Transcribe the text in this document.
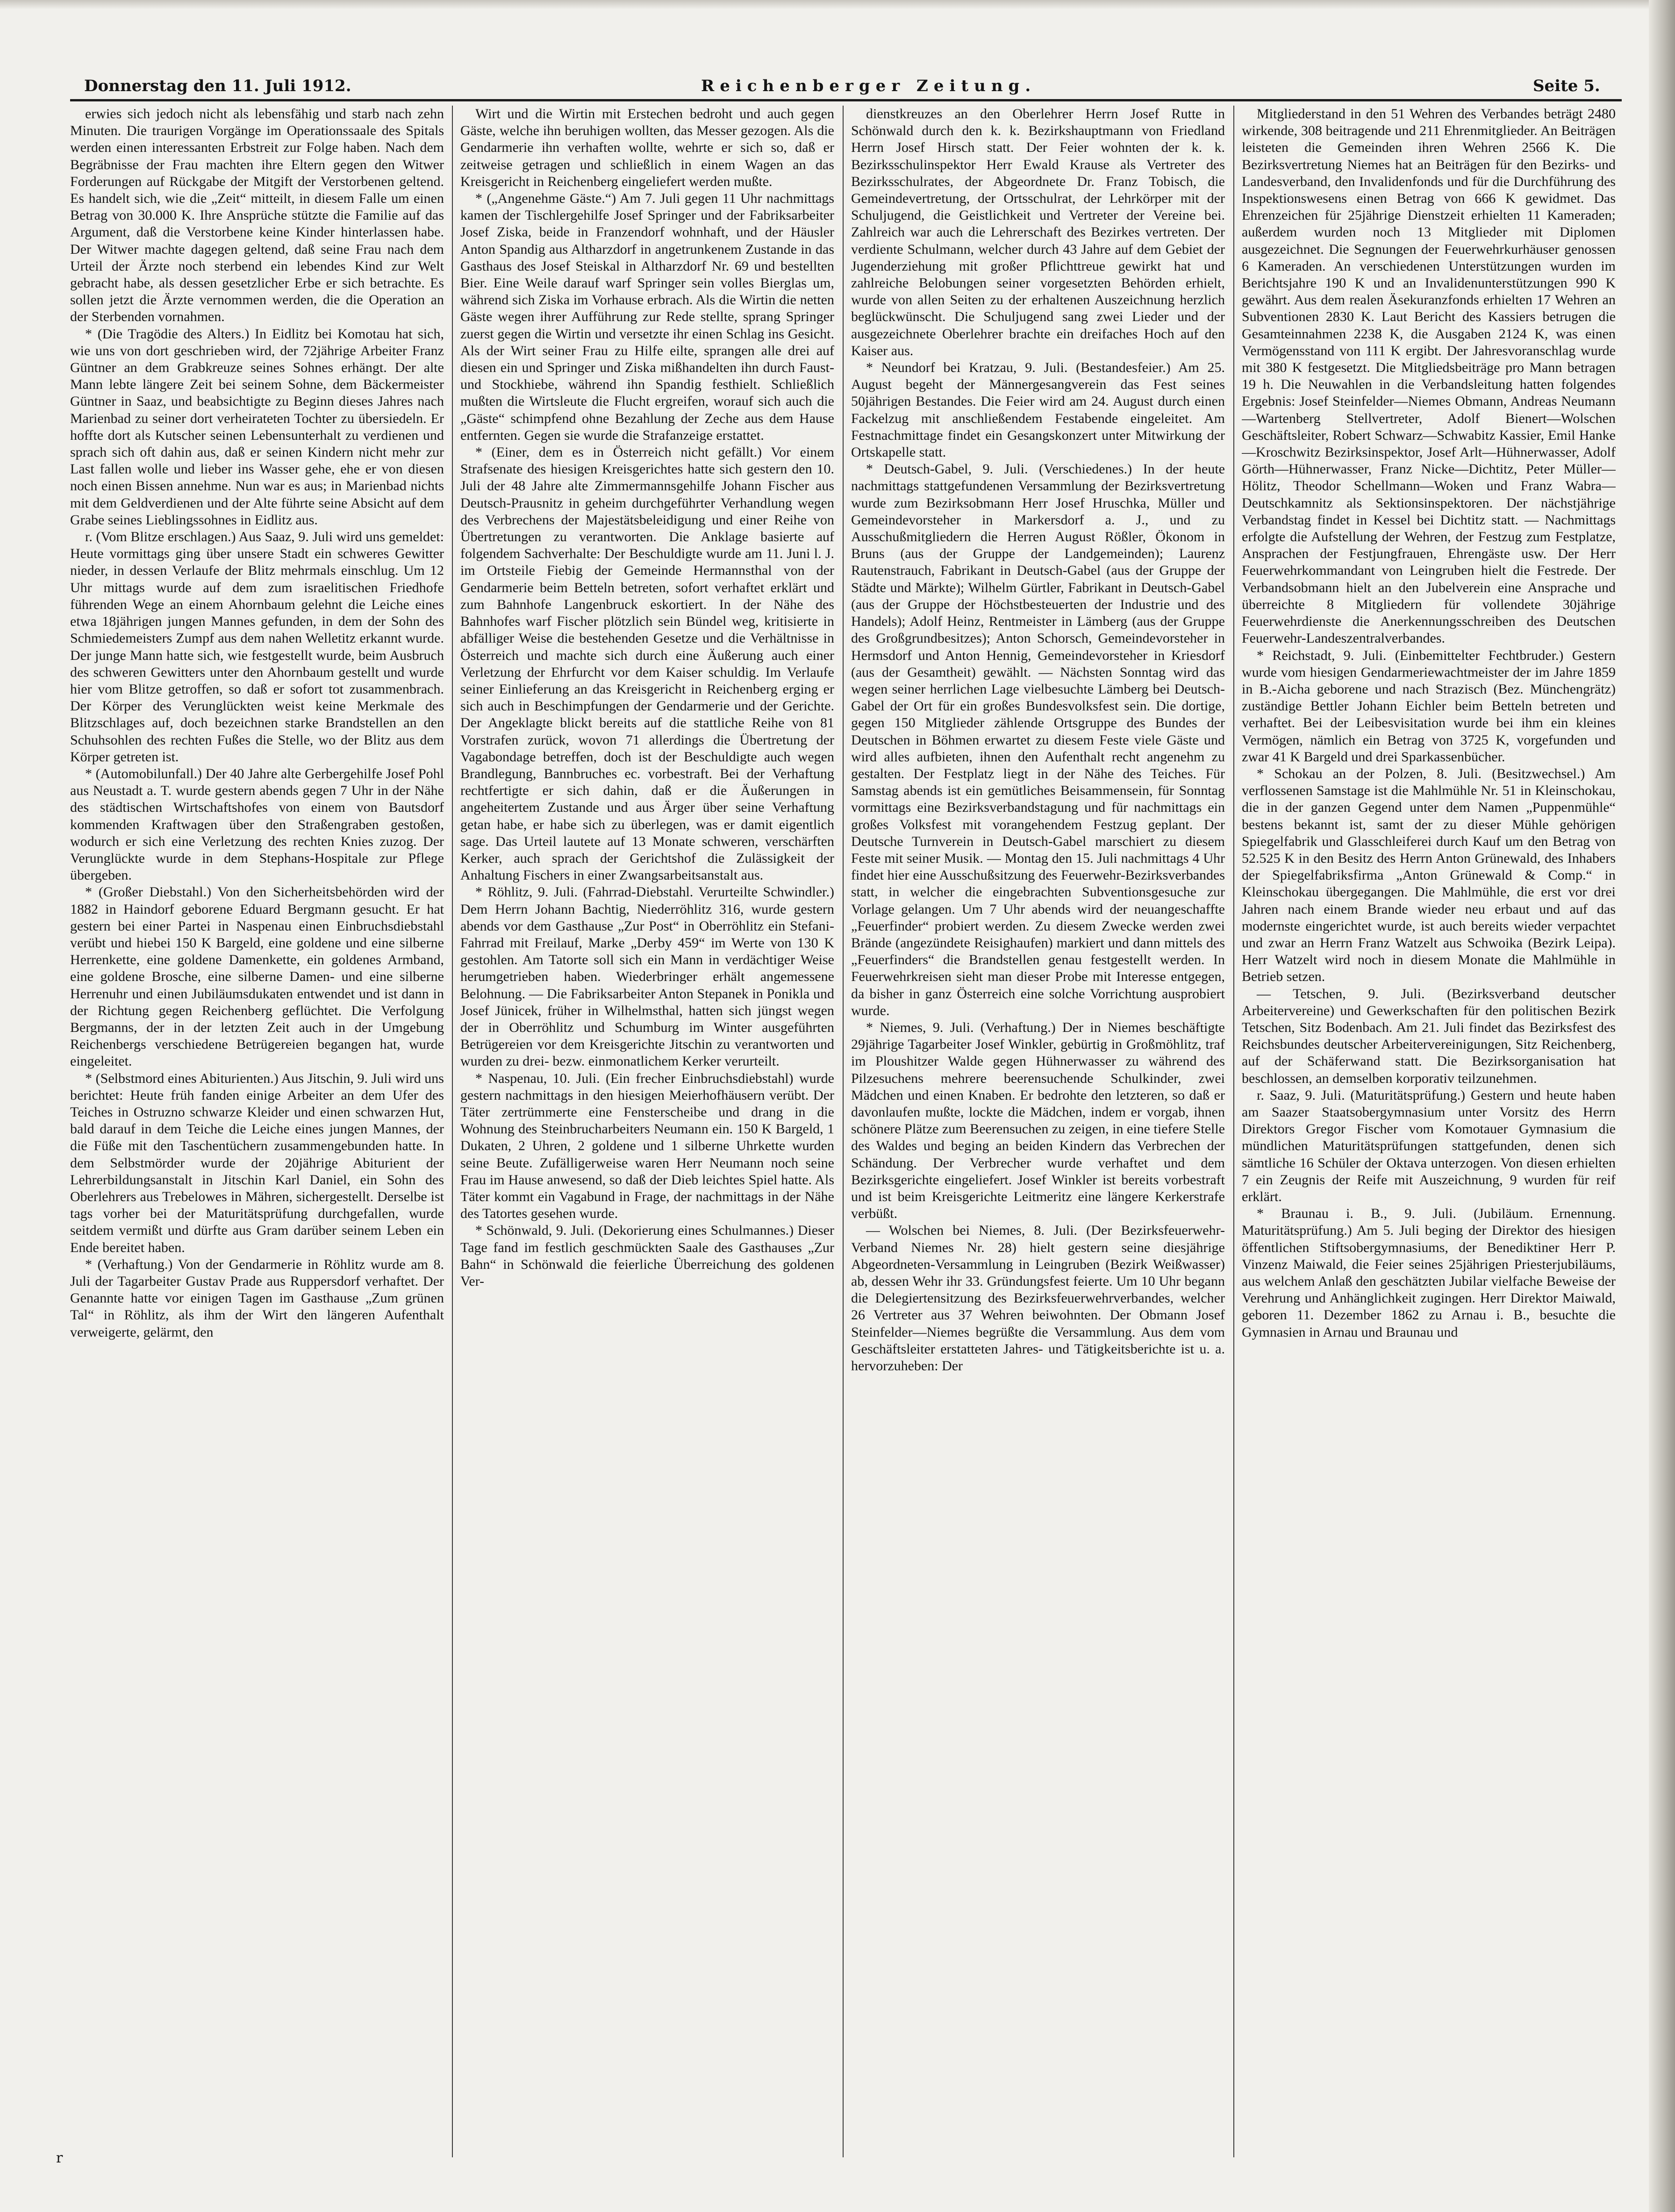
Donnerstag den 11. Juli 1912.	Reichenberger Zeitung.	Seite 5.

erwies sich jedoch nicht als lebensfähig und starb nach zehn Minuten. Die traurigen Vorgänge im Operationssaale des Spitals werden einen interessanten Erbstreit zur Folge haben. Nach dem Begräbnisse der Frau machten ihre Eltern gegen den Witwer Forderungen auf Rückgabe der Mitgift der Verstorbenen geltend. Es handelt sich, wie die „Zeit“ mitteilt, in diesem Falle um einen Betrag von 30.000 K. Ihre Ansprüche stützte die Familie auf das Argument, daß die Verstorbene keine Kinder hinterlassen habe. Der Witwer machte dagegen geltend, daß seine Frau nach dem Urteil der Ärzte noch sterbend ein lebendes Kind zur Welt gebracht habe, als dessen gesetzlicher Erbe er sich betrachte. Es sollen jetzt die Ärzte vernommen werden, die die Operation an der Sterbenden vornahmen.

* (Die Tragödie des Alters.) In Eidlitz bei Komotau hat sich, wie uns von dort geschrieben wird, der 72jährige Arbeiter Franz Güntner an dem Grabkreuze seines Sohnes erhängt. Der alte Mann lebte längere Zeit bei seinem Sohne, dem Bäckermeister Güntner in Saaz, und beabsichtigte zu Beginn dieses Jahres nach Marienbad zu seiner dort verheirateten Tochter zu übersiedeln. Er hoffte dort als Kutscher seinen Lebensunterhalt zu verdienen und sprach sich oft dahin aus, daß er seinen Kindern nicht mehr zur Last fallen wolle und lieber ins Wasser gehe, ehe er von diesen noch einen Bissen annehme. Nun war es aus; in Marienbad nichts mit dem Geldverdienen und der Alte führte seine Absicht auf dem Grabe seines Lieblingssohnes in Eidlitz aus.

r. (Vom Blitze erschlagen.) Aus Saaz, 9. Juli wird uns gemeldet: Heute vormittags ging über unsere Stadt ein schweres Gewitter nieder, in dessen Verlaufe der Blitz mehrmals einschlug. Um 12 Uhr mittags wurde auf dem zum israelitischen Friedhofe führenden Wege an einem Ahornbaum gelehnt die Leiche eines etwa 18jährigen jungen Mannes gefunden, in dem der Sohn des Schmiedemeisters Zumpf aus dem nahen Welletitz erkannt wurde. Der junge Mann hatte sich, wie festgestellt wurde, beim Ausbruch des schweren Gewitters unter den Ahornbaum gestellt und wurde hier vom Blitze getroffen, so daß er sofort tot zusammenbrach. Der Körper des Verunglückten weist keine Merkmale des Blitzschlages auf, doch bezeichnen starke Brandstellen an den Schuhsohlen des rechten Fußes die Stelle, wo der Blitz aus dem Körper getreten ist.

* (Automobilunfall.) Der 40 Jahre alte Gerbergehilfe Josef Pohl aus Neustadt a. T. wurde gestern abends gegen 7 Uhr in der Nähe des städtischen Wirtschaftshofes von einem von Bautsdorf kommenden Kraftwagen über den Straßengraben gestoßen, wodurch er sich eine Verletzung des rechten Knies zuzog. Der Verunglückte wurde in dem Stephans-Hospitale zur Pflege übergeben.

* (Großer Diebstahl.) Von den Sicherheitsbehörden wird der 1882 in Haindorf geborene Eduard Bergmann gesucht. Er hat gestern bei einer Partei in Naspenau einen Einbruchsdiebstahl verübt und hiebei 150 K Bargeld, eine goldene und eine silberne Herrenkette, eine goldene Damenkette, ein goldenes Armband, eine goldene Brosche, eine silberne Damen- und eine silberne Herrenuhr und einen Jubiläumsdukaten entwendet und ist dann in der Richtung gegen Reichenberg geflüchtet. Die Verfolgung Bergmanns, der in der letzten Zeit auch in der Umgebung Reichenbergs verschiedene Betrügereien begangen hat, wurde eingeleitet.

* (Selbstmord eines Abiturienten.) Aus Jitschin, 9. Juli wird uns berichtet: Heute früh fanden einige Arbeiter an dem Ufer des Teiches in Ostruzno schwarze Kleider und einen schwarzen Hut, bald darauf in dem Teiche die Leiche eines jungen Mannes, der die Füße mit den Taschentüchern zusammengebunden hatte. In dem Selbstmörder wurde der 20jährige Abiturient der Lehrerbildungsanstalt in Jitschin Karl Daniel, ein Sohn des Oberlehrers aus Trebelowes in Mähren, sichergestellt. Derselbe ist tags vorher bei der Maturitätsprüfung durchgefallen, wurde seitdem vermißt und dürfte aus Gram darüber seinem Leben ein Ende bereitet haben.

* (Verhaftung.) Von der Gendarmerie in Röhlitz wurde am 8. Juli der Tagarbeiter Gustav Prade aus Ruppersdorf verhaftet. Der Genannte hatte vor einigen Tagen im Gasthause „Zum grünen Tal“ in Röhlitz, als ihm der Wirt den längeren Aufenthalt verweigerte, gelärmt, den

Wirt und die Wirtin mit Erstechen bedroht und auch gegen Gäste, welche ihn beruhigen wollten, das Messer gezogen. Als die Gendarmerie ihn verhaften wollte, wehrte er sich so, daß er zeitweise getragen und schließlich in einem Wagen an das Kreisgericht in Reichenberg eingeliefert werden mußte.

* („Angenehme Gäste.“) Am 7. Juli gegen 11 Uhr nachmittags kamen der Tischlergehilfe Josef Springer und der Fabriksarbeiter Josef Ziska, beide in Franzendorf wohnhaft, und der Häusler Anton Spandig aus Altharzdorf in angetrunkenem Zustande in das Gasthaus des Josef Steiskal in Altharzdorf Nr. 69 und bestellten Bier. Eine Weile darauf warf Springer sein volles Bierglas um, während sich Ziska im Vorhause erbrach. Als die Wirtin die netten Gäste wegen ihrer Aufführung zur Rede stellte, sprang Springer zuerst gegen die Wirtin und versetzte ihr einen Schlag ins Gesicht. Als der Wirt seiner Frau zu Hilfe eilte, sprangen alle drei auf diesen ein und Springer und Ziska mißhandelten ihn durch Faust- und Stockhiebe, während ihn Spandig festhielt. Schließlich mußten die Wirtsleute die Flucht ergreifen, worauf sich auch die „Gäste“ schimpfend ohne Bezahlung der Zeche aus dem Hause entfernten. Gegen sie wurde die Strafanzeige erstattet.

* (Einer, dem es in Österreich nicht gefällt.) Vor einem Strafsenate des hiesigen Kreisgerichtes hatte sich gestern den 10. Juli der 48 Jahre alte Zimmermannsgehilfe Johann Fischer aus Deutsch-Prausnitz in geheim durchgeführter Verhandlung wegen des Verbrechens der Majestätsbeleidigung und einer Reihe von Übertretungen zu verantworten. Die Anklage basierte auf folgendem Sachverhalte: Der Beschuldigte wurde am 11. Juni l. J. im Ortsteile Fiebig der Gemeinde Hermannsthal von der Gendarmerie beim Betteln betreten, sofort verhaftet erklärt und zum Bahnhofe Langenbruck eskortiert. In der Nähe des Bahnhofes warf Fischer plötzlich sein Bündel weg, kritisierte in abfälliger Weise die bestehenden Gesetze und die Verhältnisse in Österreich und machte sich durch eine Äußerung auch einer Verletzung der Ehrfurcht vor dem Kaiser schuldig. Im Verlaufe seiner Einlieferung an das Kreisgericht in Reichenberg erging er sich auch in Beschimpfungen der Gendarmerie und der Gerichte. Der Angeklagte blickt bereits auf die stattliche Reihe von 81 Vorstrafen zurück, wovon 71 allerdings die Übertretung der Vagabondage betreffen, doch ist der Beschuldigte auch wegen Brandlegung, Bannbruches ec. vorbestraft. Bei der Verhaftung rechtfertigte er sich dahin, daß er die Äußerungen in angeheitertem Zustande und aus Ärger über seine Verhaftung getan habe, er habe sich zu überlegen, was er damit eigentlich sage. Das Urteil lautete auf 13 Monate schweren, verschärften Kerker, auch sprach der Gerichtshof die Zulässigkeit der Anhaltung Fischers in einer Zwangsarbeitsanstalt aus.

* Röhlitz, 9. Juli. (Fahrrad-Diebstahl. Verurteilte Schwindler.) Dem Herrn Johann Bachtig, Niederröhlitz 316, wurde gestern abends vor dem Gasthause „Zur Post“ in Oberröhlitz ein Stefani-Fahrrad mit Freilauf, Marke „Derby 459“ im Werte von 130 K gestohlen. Am Tatorte soll sich ein Mann in verdächtiger Weise herumgetrieben haben. Wiederbringer erhält angemessene Belohnung. — Die Fabriksarbeiter Anton Stepanek in Ponikla und Josef Jünicek, früher in Wilhelmsthal, hatten sich jüngst wegen der in Oberröhlitz und Schumburg im Winter ausgeführten Betrügereien vor dem Kreisgerichte Jitschin zu verantworten und wurden zu drei- bezw. einmonatlichem Kerker verurteilt.

* Naspenau, 10. Juli. (Ein frecher Einbruchsdiebstahl) wurde gestern nachmittags in den hiesigen Meierhofhäusern verübt. Der Täter zertrümmerte eine Fensterscheibe und drang in die Wohnung des Steinbrucharbeiters Neumann ein. 150 K Bargeld, 1 Dukaten, 2 Uhren, 2 goldene und 1 silberne Uhrkette wurden seine Beute. Zufälligerweise waren Herr Neumann noch seine Frau im Hause anwesend, so daß der Dieb leichtes Spiel hatte. Als Täter kommt ein Vagabund in Frage, der nachmittags in der Nähe des Tatortes gesehen wurde.

* Schönwald, 9. Juli. (Dekorierung eines Schulmannes.) Dieser Tage fand im festlich geschmückten Saale des Gasthauses „Zur Bahn“ in Schönwald die feierliche Überreichung des goldenen Ver-

dienstkreuzes an den Oberlehrer Herrn Josef Rutte in Schönwald durch den k. k. Bezirkshauptmann von Friedland Herrn Josef Hirsch statt. Der Feier wohnten der k. k. Bezirksschulinspektor Herr Ewald Krause als Vertreter des Bezirksschulrates, der Abgeordnete Dr. Franz Tobisch, die Gemeindevertretung, der Ortsschulrat, der Lehrkörper mit der Schuljugend, die Geistlichkeit und Vertreter der Vereine bei. Zahlreich war auch die Lehrerschaft des Bezirkes vertreten. Der verdiente Schulmann, welcher durch 43 Jahre auf dem Gebiet der Jugenderziehung mit großer Pflichttreue gewirkt hat und zahlreiche Belobungen seiner vorgesetzten Behörden erhielt, wurde von allen Seiten zu der erhaltenen Auszeichnung herzlich beglückwünscht. Die Schuljugend sang zwei Lieder und der ausgezeichnete Oberlehrer brachte ein dreifaches Hoch auf den Kaiser aus.

* Neundorf bei Kratzau, 9. Juli. (Bestandesfeier.) Am 25. August begeht der Männergesangverein das Fest seines 50jährigen Bestandes. Die Feier wird am 24. August durch einen Fackelzug mit anschließendem Festabende eingeleitet. Am Festnachmittage findet ein Gesangskonzert unter Mitwirkung der Ortskapelle statt.

* Deutsch-Gabel, 9. Juli. (Verschiedenes.) In der heute nachmittags stattgefundenen Versammlung der Bezirksvertretung wurde zum Bezirksobmann Herr Josef Hruschka, Müller und Gemeindevorsteher in Markersdorf a. J., und zu Ausschußmitgliedern die Herren August Rößler, Ökonom in Bruns (aus der Gruppe der Landgemeinden); Laurenz Rautenstrauch, Fabrikant in Deutsch-Gabel (aus der Gruppe der Städte und Märkte); Wilhelm Gürtler, Fabrikant in Deutsch-Gabel (aus der Gruppe der Höchstbesteuerten der Industrie und des Handels); Adolf Heinz, Rentmeister in Lämberg (aus der Gruppe des Großgrundbesitzes); Anton Schorsch, Gemeindevorsteher in Hermsdorf und Anton Hennig, Gemeindevorsteher in Kriesdorf (aus der Gesamtheit) gewählt. — Nächsten Sonntag wird das wegen seiner herrlichen Lage vielbesuchte Lämberg bei Deutsch-Gabel der Ort für ein großes Bundesvolksfest sein. Die dortige, gegen 150 Mitglieder zählende Ortsgruppe des Bundes der Deutschen in Böhmen erwartet zu diesem Feste viele Gäste und wird alles aufbieten, ihnen den Aufenthalt recht angenehm zu gestalten. Der Festplatz liegt in der Nähe des Teiches. Für Samstag abends ist ein gemütliches Beisammensein, für Sonntag vormittags eine Bezirksverbandstagung und für nachmittags ein großes Volksfest mit vorangehendem Festzug geplant. Der Deutsche Turnverein in Deutsch-Gabel marschiert zu diesem Feste mit seiner Musik. — Montag den 15. Juli nachmittags 4 Uhr findet hier eine Ausschußsitzung des Feuerwehr-Bezirksverbandes statt, in welcher die eingebrachten Subventionsgesuche zur Vorlage gelangen. Um 7 Uhr abends wird der neuangeschaffte „Feuerfinder“ probiert werden. Zu diesem Zwecke werden zwei Brände (angezündete Reisighaufen) markiert und dann mittels des „Feuerfinders“ die Brandstellen genau festgestellt werden. In Feuerwehrkreisen sieht man dieser Probe mit Interesse entgegen, da bisher in ganz Österreich eine solche Vorrichtung ausprobiert wurde.

* Niemes, 9. Juli. (Verhaftung.) Der in Niemes beschäftigte 29jährige Tagarbeiter Josef Winkler, gebürtig in Großmöhlitz, traf im Ploushitzer Walde gegen Hühnerwasser zu während des Pilzesuchens mehrere beerensuchende Schulkinder, zwei Mädchen und einen Knaben. Er bedrohte den letzteren, so daß er davonlaufen mußte, lockte die Mädchen, indem er vorgab, ihnen schönere Plätze zum Beerensuchen zu zeigen, in eine tiefere Stelle des Waldes und beging an beiden Kindern das Verbrechen der Schändung. Der Verbrecher wurde verhaftet und dem Bezirksgerichte eingeliefert. Josef Winkler ist bereits vorbestraft und ist beim Kreisgerichte Leitmeritz eine längere Kerkerstrafe verbüßt.

— Wolschen bei Niemes, 8. Juli. (Der Bezirksfeuerwehr-Verband Niemes Nr. 28) hielt gestern seine diesjährige Abgeordneten-Versammlung in Leingruben (Bezirk Weißwasser) ab, dessen Wehr ihr 33. Gründungsfest feierte. Um 10 Uhr begann die Delegiertensitzung des Bezirksfeuerwehrverbandes, welcher 26 Vertreter aus 37 Wehren beiwohnten. Der Obmann Josef Steinfelder—Niemes begrüßte die Versammlung. Aus dem vom Geschäftsleiter erstatteten Jahres- und Tätigkeitsberichte ist u. a. hervorzuheben: Der

Mitgliederstand in den 51 Wehren des Verbandes beträgt 2480 wirkende, 308 beitragende und 211 Ehrenmitglieder. An Beiträgen leisteten die Gemeinden ihren Wehren 2566 K. Die Bezirksvertretung Niemes hat an Beiträgen für den Bezirks- und Landesverband, den Invalidenfonds und für die Durchführung des Inspektionswesens einen Betrag von 666 K gewidmet. Das Ehrenzeichen für 25jährige Dienstzeit erhielten 11 Kameraden; außerdem wurden noch 13 Mitglieder mit Diplomen ausgezeichnet. Die Segnungen der Feuerwehrkurhäuser genossen 6 Kameraden. An verschiedenen Unterstützungen wurden im Berichtsjahre 190 K und an Invalidenunterstützungen 990 K gewährt. Aus dem realen Äsekuranzfonds erhielten 17 Wehren an Subventionen 2830 K. Laut Bericht des Kassiers betrugen die Gesamteinnahmen 2238 K, die Ausgaben 2124 K, was einen Vermögensstand von 111 K ergibt. Der Jahresvoranschlag wurde mit 380 K festgesetzt. Die Mitgliedsbeiträge pro Mann betragen 19 h. Die Neuwahlen in die Verbandsleitung hatten folgendes Ergebnis: Josef Steinfelder—Niemes Obmann, Andreas Neumann—Wartenberg Stellvertreter, Adolf Bienert—Wolschen Geschäftsleiter, Robert Schwarz—Schwabitz Kassier, Emil Hanke—Kroschwitz Bezirksinspektor, Josef Arlt—Hühnerwasser, Adolf Görth—Hühnerwasser, Franz Nicke—Dichtitz, Peter Müller—Hölitz, Theodor Schellmann—Woken und Franz Wabra—Deutschkamnitz als Sektionsinspektoren. Der nächstjährige Verbandstag findet in Kessel bei Dichtitz statt. — Nachmittags erfolgte die Aufstellung der Wehren, der Festzug zum Festplatze, Ansprachen der Festjungfrauen, Ehrengäste usw. Der Herr Feuerwehrkommandant von Leingruben hielt die Festrede. Der Verbandsobmann hielt an den Jubelverein eine Ansprache und überreichte 8 Mitgliedern für vollendete 30jährige Feuerwehrdienste die Anerkennungsschreiben des Deutschen Feuerwehr-Landeszentralverbandes.

* Reichstadt, 9. Juli. (Einbemittelter Fechtbruder.) Gestern wurde vom hiesigen Gendarmeriewachtmeister der im Jahre 1859 in B.-Aicha geborene und nach Strazisch (Bez. Münchengrätz) zuständige Bettler Johann Eichler beim Betteln betreten und verhaftet. Bei der Leibesvisitation wurde bei ihm ein kleines Vermögen, nämlich ein Betrag von 3725 K, vorgefunden und zwar 41 K Bargeld und drei Sparkassenbücher.

* Schokau an der Polzen, 8. Juli. (Besitzwechsel.) Am verflossenen Samstage ist die Mahlmühle Nr. 51 in Kleinschokau, die in der ganzen Gegend unter dem Namen „Puppenmühle“ bestens bekannt ist, samt der zu dieser Mühle gehörigen Spiegelfabrik und Glasschleiferei durch Kauf um den Betrag von 52.525 K in den Besitz des Herrn Anton Grünewald, des Inhabers der Spiegelfabriksfirma „Anton Grünewald & Comp.“ in Kleinschokau übergegangen. Die Mahlmühle, die erst vor drei Jahren nach einem Brande wieder neu erbaut und auf das modernste eingerichtet wurde, ist auch bereits wieder verpachtet und zwar an Herrn Franz Watzelt aus Schwoika (Bezirk Leipa). Herr Watzelt wird noch in diesem Monate die Mahlmühle in Betrieb setzen.

— Tetschen, 9. Juli. (Bezirksverband deutscher Arbeitervereine) und Gewerkschaften für den politischen Bezirk Tetschen, Sitz Bodenbach. Am 21. Juli findet das Bezirksfest des Reichsbundes deutscher Arbeitervereinigungen, Sitz Reichenberg, auf der Schäferwand statt. Die Bezirksorganisation hat beschlossen, an demselben korporativ teilzunehmen.

r. Saaz, 9. Juli. (Maturitätsprüfung.) Gestern und heute haben am Saazer Staatsobergymnasium unter Vorsitz des Herrn Direktors Gregor Fischer vom Komotauer Gymnasium die mündlichen Maturitätsprüfungen stattgefunden, denen sich sämtliche 16 Schüler der Oktava unterzogen. Von diesen erhielten 7 ein Zeugnis der Reife mit Auszeichnung, 9 wurden für reif erklärt.

* Braunau i. B., 9. Juli. (Jubiläum. Ernennung. Maturitätsprüfung.) Am 5. Juli beging der Direktor des hiesigen öffentlichen Stiftsobergymnasiums, der Benediktiner Herr P. Vinzenz Maiwald, die Feier seines 25jährigen Priesterjubiläums, aus welchem Anlaß den geschätzten Jubilar vielfache Beweise der Verehrung und Anhänglichkeit zugingen. Herr Direktor Maiwald, geboren 11. Dezember 1862 zu Arnau i. B., besuchte die Gymnasien in Arnau und Braunau und

r
